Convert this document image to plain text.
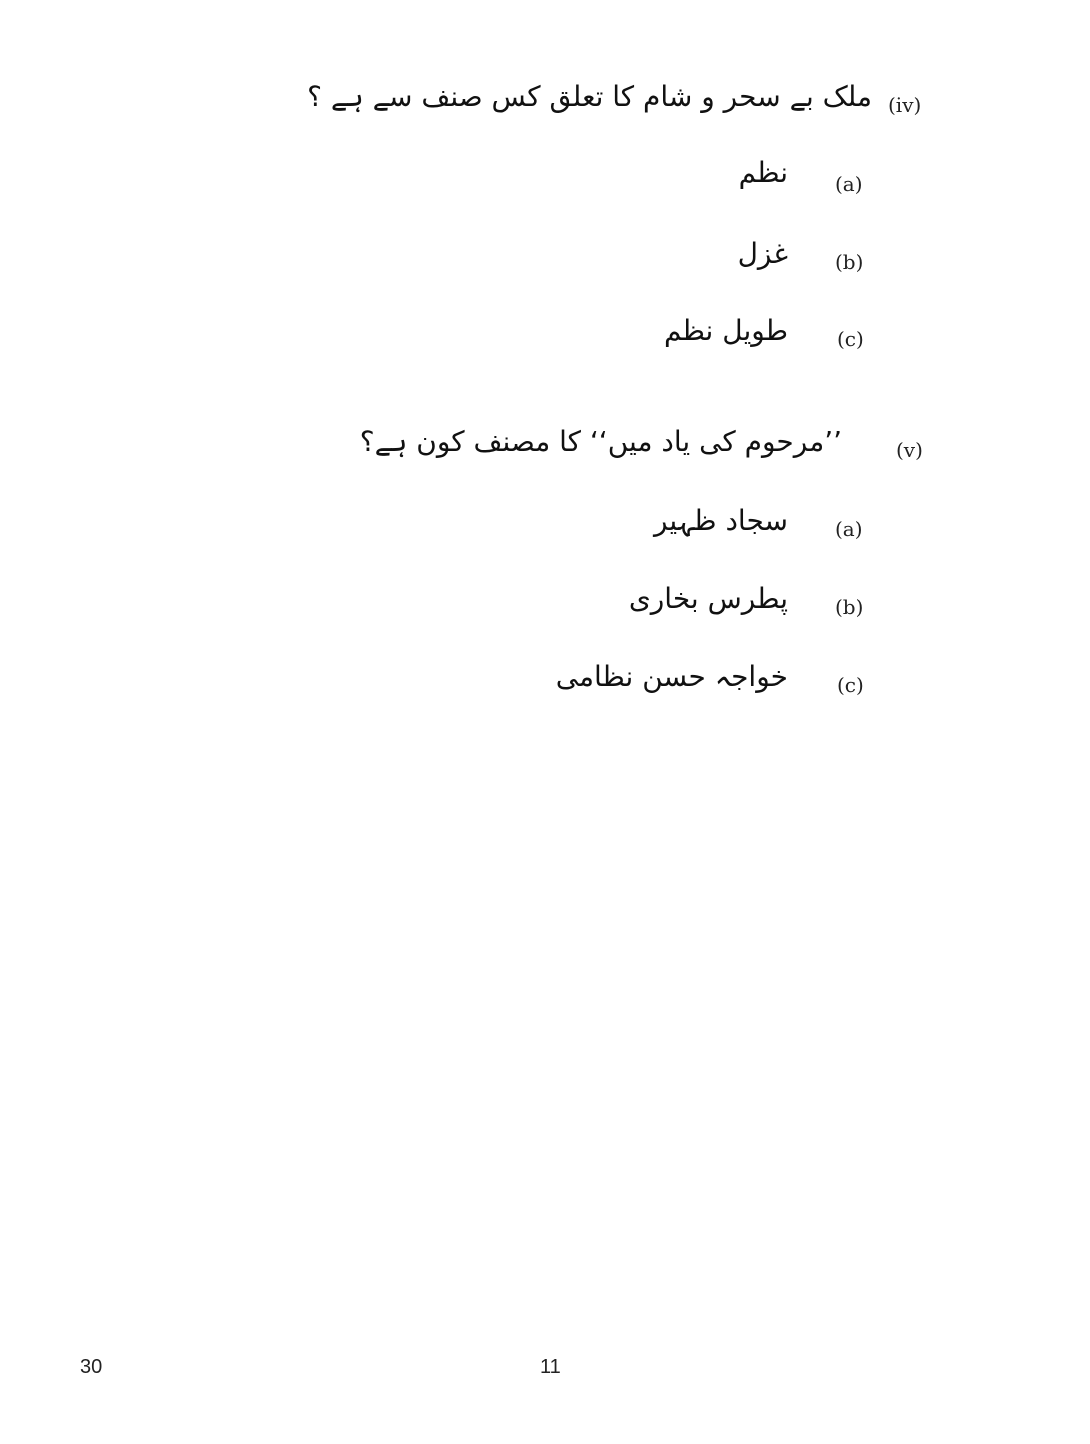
(iv)
ملک بے سحر و شام کا تعلق کس صنف سے ہے ؟
(a)
نظم
(b)
غزل
(c)
طویل نظم
(v)
’’مرحوم کی یاد میں‘‘ کا مصنف کون ہے؟
(a)
سجاد ظہیر
(b)
پطرس بخاری
(c)
خواجہ حسن نظامی
30	11
